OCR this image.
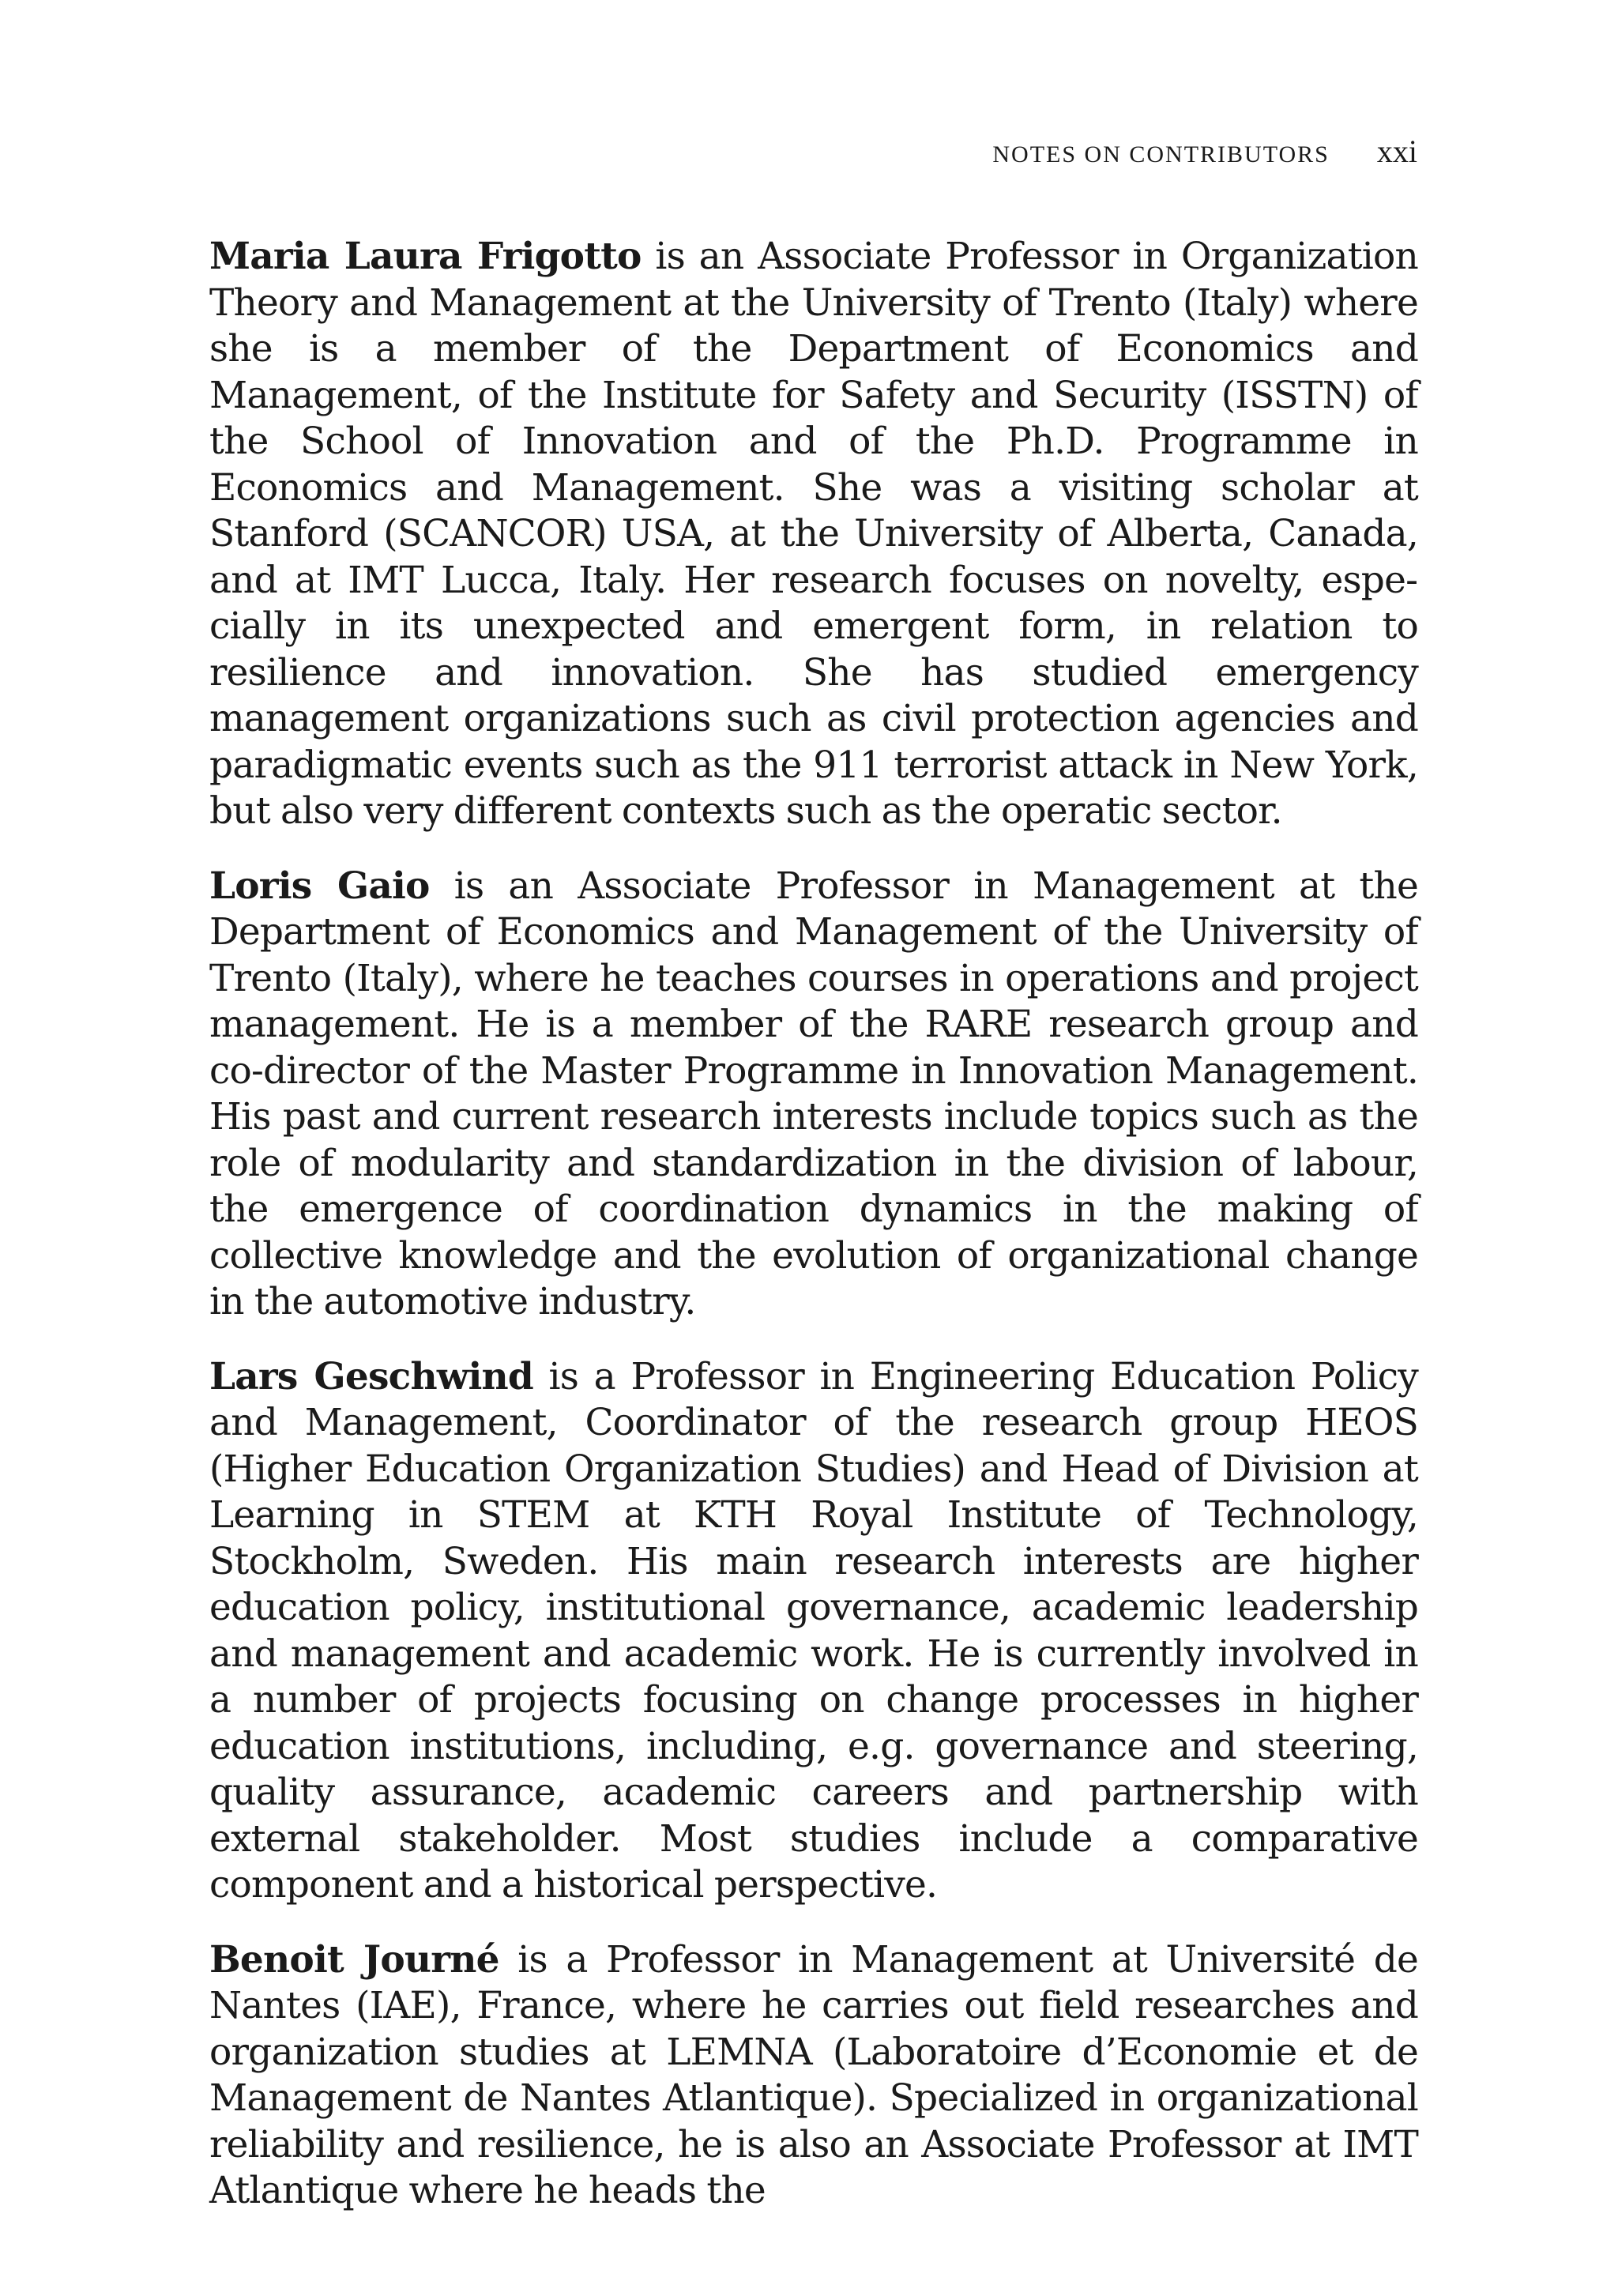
NOTES ON CONTRIBUTORS xxi

Maria Laura Frigotto is an Associate Professor in Organization Theory and Management at the University of Trento (Italy) where she is a member of the Department of Economics and Management, of the Institute for Safety and Security (ISSTN) of the School of Innovation and of the Ph.D. Programme in Economics and Management. She was a visiting scholar at Stanford (SCANCOR) USA, at the University of Alberta, Canada, and at IMT Lucca, Italy. Her research focuses on novelty, especially in its unexpected and emergent form, in relation to resilience and innovation. She has studied emergency management organizations such as civil protection agencies and paradigmatic events such as the 911 terrorist attack in New York, but also very different contexts such as the operatic sector.

Loris Gaio is an Associate Professor in Management at the Department of Economics and Management of the University of Trento (Italy), where he teaches courses in operations and project management. He is a member of the RARE research group and co-director of the Master Programme in Innovation Management. His past and current research interests include topics such as the role of modularity and standardization in the division of labour, the emergence of coordination dynamics in the making of collective knowledge and the evolution of organizational change in the automotive industry.

Lars Geschwind is a Professor in Engineering Education Policy and Management, Coordinator of the research group HEOS (Higher Education Organization Studies) and Head of Division at Learning in STEM at KTH Royal Institute of Technology, Stockholm, Sweden. His main research interests are higher education policy, institutional governance, academic leadership and management and academic work. He is currently involved in a number of projects focusing on change processes in higher education institutions, including, e.g. governance and steering, quality assurance, academic careers and partnership with external stakeholder. Most studies include a comparative component and a historical perspective.

Benoit Journé is a Professor in Management at Université de Nantes (IAE), France, where he carries out field researches and organization studies at LEMNA (Laboratoire d’Economie et de Management de Nantes Atlantique). Specialized in organizational reliability and resilience, he is also an Associate Professor at IMT Atlantique where he heads the
